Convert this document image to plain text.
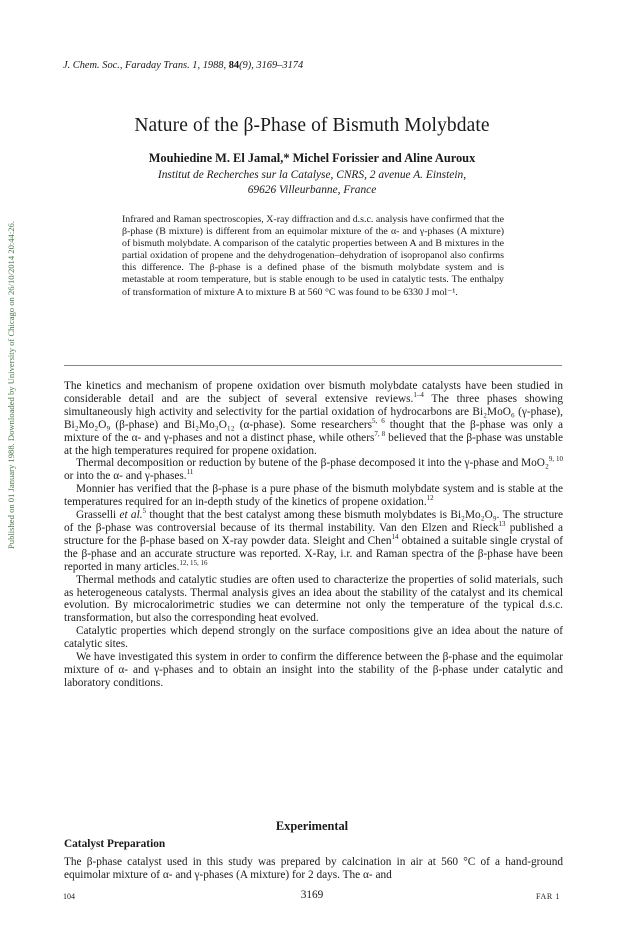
Published on 01 January 1988. Downloaded by University of Chicago on 26/10/2014 20:44:26.
J. Chem. Soc., Faraday Trans. 1, 1988, 84(9), 3169–3174
Nature of the β-Phase of Bismuth Molybdate
Mouhiedine M. El Jamal,* Michel Forissier and Aline Auroux
Institut de Recherches sur la Catalyse, CNRS, 2 avenue A. Einstein,
69626 Villeurbanne, France
Infrared and Raman spectroscopies, X-ray diffraction and d.s.c. analysis have confirmed that the β-phase (B mixture) is different from an equimolar mixture of the α- and γ-phases (A mixture) of bismuth molybdate. A comparison of the catalytic properties between A and B mixtures in the partial oxidation of propene and the dehydrogenation–dehydration of isopropanol also confirms this difference. The β-phase is a defined phase of the bismuth molybdate system and is metastable at room temperature, but is stable enough to be used in catalytic tests. The enthalpy of transformation of mixture A to mixture B at 560 °C was found to be 6330 J mol⁻¹.

The kinetics and mechanism of propene oxidation over bismuth molybdate catalysts have been studied in considerable detail and are the subject of several extensive reviews.$^{1-4}$ The three phases showing simultaneously high activity and selectivity for the partial oxidation of hydrocarbons are Bi₂MoO₆ (γ-phase), Bi₂Mo₂O₉ (β-phase) and Bi₂Mo₃O₁₂ (α-phase). Some researchers$^{5, 6}$ thought that the β-phase was only a mixture of the α- and γ-phases and not a distinct phase, while others$^{7, 8}$ believed that the β-phase was unstable at the high temperatures required for propene oxidation.

Thermal decomposition or reduction by butene of the β-phase decomposed it into the γ-phase and MoO₂$^{9, 10}$ or into the α- and γ-phases.$^{11}$

Monnier has verified that the β-phase is a pure phase of the bismuth molybdate system and is stable at the temperatures required for an in-depth study of the kinetics of propene oxidation.$^{12}$

Grasselli et al.$^5$ thought that the best catalyst among these bismuth molybdates is Bi₂Mo₂O₉. The structure of the β-phase was controversial because of its thermal instability. Van den Elzen and Rieck$^{13}$ published a structure for the β-phase based on X-ray powder data. Sleight and Chen$^{14}$ obtained a suitable single crystal of the β-phase and an accurate structure was reported. X-Ray, i.r. and Raman spectra of the β-phase have been reported in many articles.$^{12, 15, 16}$

Thermal methods and catalytic studies are often used to characterize the properties of solid materials, such as heterogeneous catalysts. Thermal analysis gives an idea about the stability of the catalyst and its chemical evolution. By microcalorimetric studies we can determine not only the temperature of the typical d.s.c. transformation, but also the corresponding heat evolved.

Catalytic properties which depend strongly on the surface compositions give an idea about the nature of catalytic sites.

We have investigated this system in order to confirm the difference between the β-phase and the equimolar mixture of α- and γ-phases and to obtain an insight into the stability of the β-phase under catalytic and laboratory conditions.

Experimental
Catalyst Preparation

The β-phase catalyst used in this study was prepared by calcination in air at 560 °C of a hand-ground equimolar mixture of α- and γ-phases (A mixture) for 2 days. The α- and

104	3169	FAR 1
